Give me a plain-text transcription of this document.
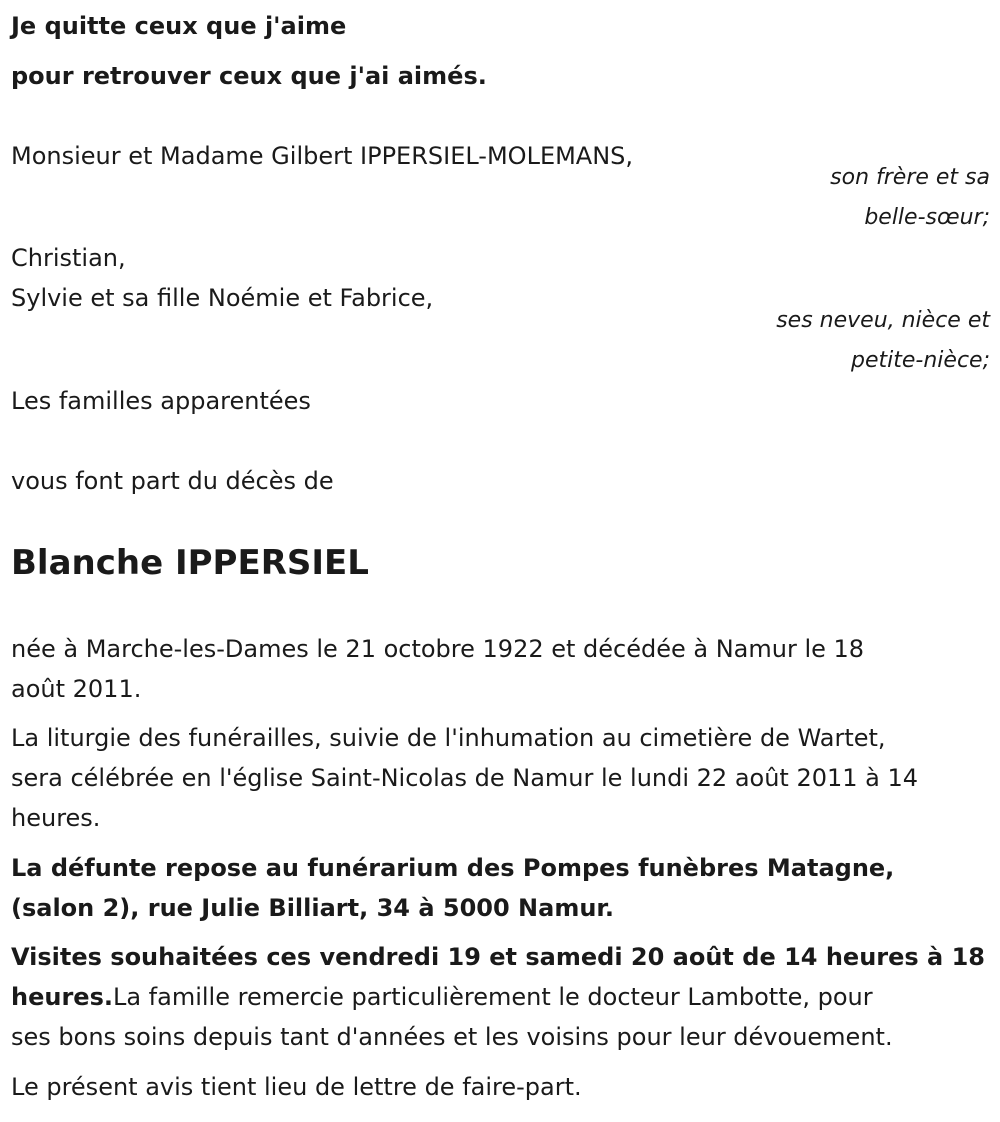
Je quitte ceux que j'aime
pour retrouver ceux que j'ai aimés.
Monsieur et Madame Gilbert IPPERSIEL-MOLEMANS,
son frère et sa
belle-sœur;
Christian,
Sylvie et sa fille Noémie et Fabrice,
ses neveu, nièce et
petite-nièce;
Les familles apparentées
vous font part du décès de
Blanche IPPERSIEL
née à Marche-les-Dames le 21 octobre 1922 et décédée à Namur le 18
août 2011.
La liturgie des funérailles, suivie de l'inhumation au cimetière de Wartet,
sera célébrée en l'église Saint-Nicolas de Namur le lundi 22 août 2011 à 14
heures.
La défunte repose au funérarium des Pompes funèbres Matagne,
(salon 2), rue Julie Billiart, 34 à 5000 Namur.
Visites souhaitées ces vendredi 19 et samedi 20 août de 14 heures à 18
heures.La famille remercie particulièrement le docteur Lambotte, pour
ses bons soins depuis tant d'années et les voisins pour leur dévouement.
Le présent avis tient lieu de lettre de faire-part.
